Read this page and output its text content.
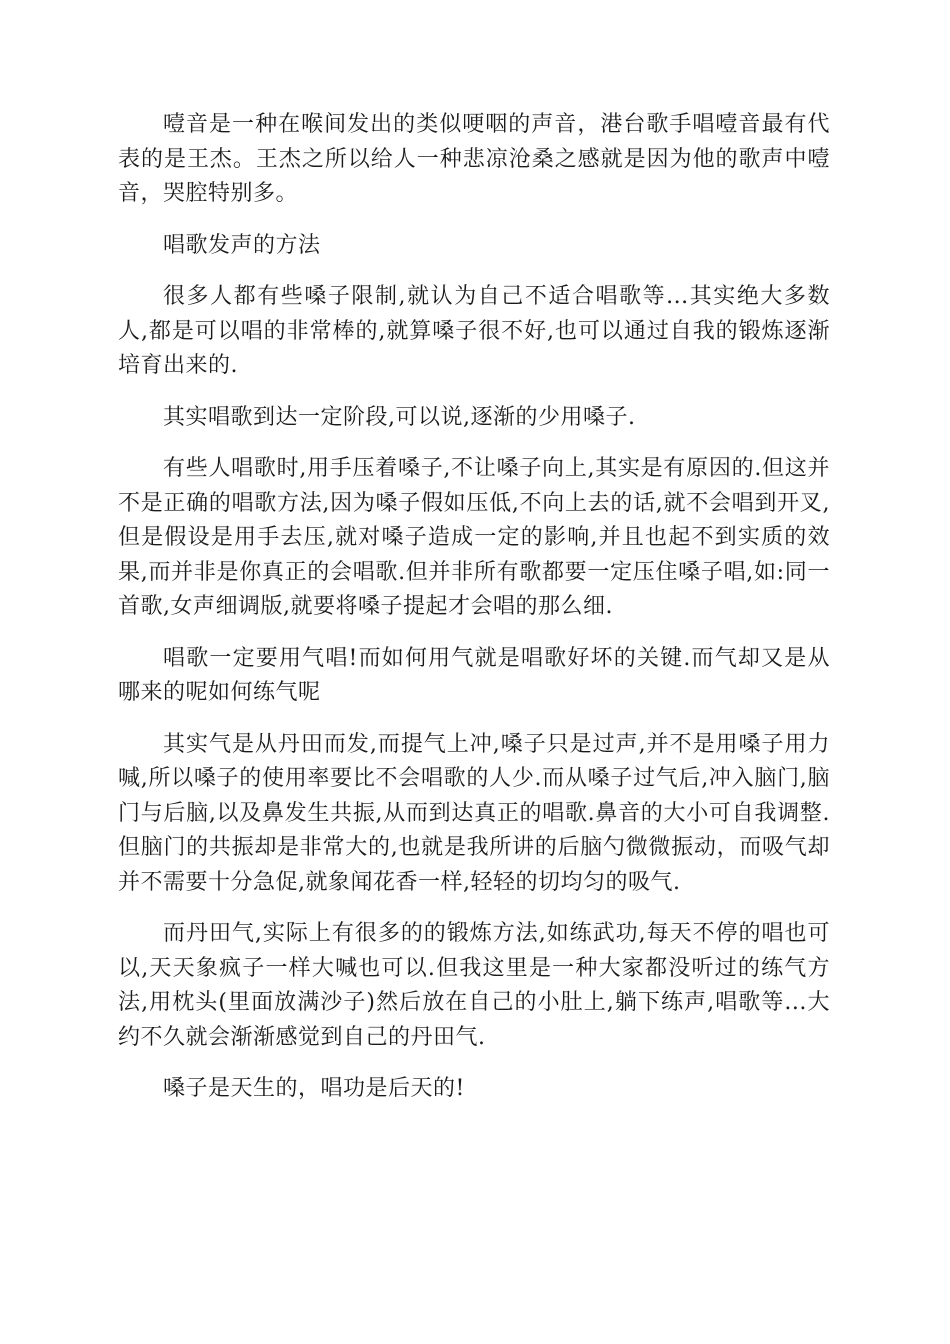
噎音是一种在喉间发出的类似哽咽的声音，港台歌手唱噎音最有代表的是王杰。王杰之所以给人一种悲凉沧桑之感就是因为他的歌声中噎音，哭腔特别多。

唱歌发声的方法

很多人都有些嗓子限制,就认为自己不适合唱歌等...其实绝大多数人,都是可以唱的非常棒的,就算嗓子很不好,也可以通过自我的锻炼逐渐培育出来的.

其实唱歌到达一定阶段,可以说,逐渐的少用嗓子.

有些人唱歌时,用手压着嗓子,不让嗓子向上,其实是有原因的.但这并不是正确的唱歌方法,因为嗓子假如压低,不向上去的话,就不会唱到开叉,但是假设是用手去压,就对嗓子造成一定的影响,并且也起不到实质的效果,而并非是你真正的会唱歌.但并非所有歌都要一定压住嗓子唱,如:同一首歌,女声细调版,就要将嗓子提起才会唱的那么细.

唱歌一定要用气唱!而如何用气就是唱歌好坏的关键.而气却又是从哪来的呢如何练气呢

其实气是从丹田而发,而提气上冲,嗓子只是过声,并不是用嗓子用力喊,所以嗓子的使用率要比不会唱歌的人少.而从嗓子过气后,冲入脑门,脑门与后脑,以及鼻发生共振,从而到达真正的唱歌.鼻音的大小可自我调整.但脑门的共振却是非常大的,也就是我所讲的后脑勺微微振动，而吸气却并不需要十分急促,就象闻花香一样,轻轻的切均匀的吸气.

而丹田气,实际上有很多的的锻炼方法,如练武功,每天不停的唱也可以,天天象疯子一样大喊也可以.但我这里是一种大家都没听过的练气方法,用枕头(里面放满沙子)然后放在自己的小肚上,躺下练声,唱歌等...大约不久就会渐渐感觉到自己的丹田气.

嗓子是天生的，唱功是后天的!
